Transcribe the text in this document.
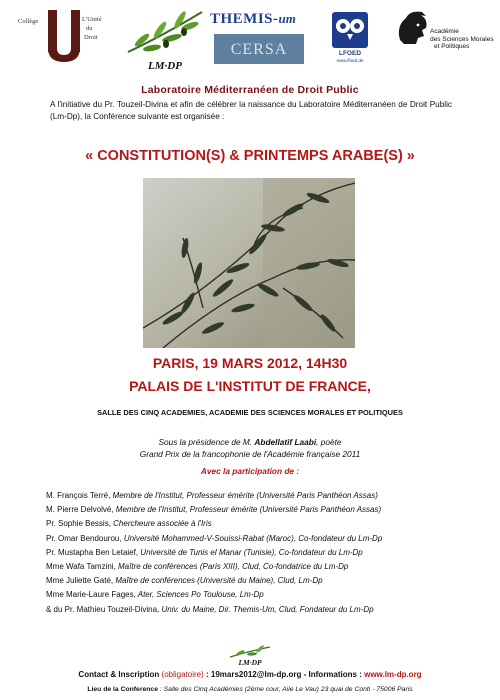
Collège	L'Unité
du
Droit
LM·DP
THEMIS-um
CERSA	LFOED
www.lfoed.de
Académie
des Sciences Morales
et Politiques
Laboratoire Méditerranéen de Droit Public
A l'initiative du Pr. Touzeil-Divina et afin de célébrer la naissance du Laboratoire Méditerranéen de Droit Public (Lm-Dp), la Conférence suivante est organisée :
« CONSTITUTION(S) & PRINTEMPS ARABE(S) »
PARIS, 19 MARS 2012, 14H30
PALAIS DE L'INSTITUT DE FRANCE,
SALLE DES CINQ ACADEMIES, ACADEMIE DES SCIENCES MORALES ET POLITIQUES
Sous la présidence de M. Abdellatif Laabi, poète
Grand Prix de la francophonie de l'Académie française 2011
Avec la participation de :
M. François Terré, Membre de l'Institut, Professeur émérite (Université Paris Panthéon Assas)
M. Pierre Delvolvé, Membre de l'Institut, Professeur émérite (Université Paris Panthéon Assas)
Pr. Sophie Bessis, Chercheure associée à l'Iris
Pr. Omar Bendourou, Université Mohammed-V-Souissi-Rabat (Maroc), Co-fondateur du Lm-Dp
Pr. Mustapha Ben Letaief, Université de Tunis el Manar (Tunisie), Co-fondateur du Lm-Dp
Mme Wafa Tamzini, Maître de conférences (Paris XIII), Clud, Co-fondatrice du Lm-Dp
Mme Juliette Gaté, Maître de conférences (Université du Maine), Clud, Lm-Dp
Mme Marie-Laure Fages, Ater, Sciences Po Toulouse, Lm-Dp
& du Pr. Mathieu Touzeil-Divina, Univ. du Maine, Dir. Themis-Um, Clud, Fondateur du Lm-Dp
LM·DP
Contact & Inscription (obligatoire) : 19mars2012@lm-dp.org - Informations : www.lm-dp.org
Lieu de la Conference : Salle des Cinq Académies (2ème cour, Aile Le Vau) 23 quai de Conti - 75006 Paris
